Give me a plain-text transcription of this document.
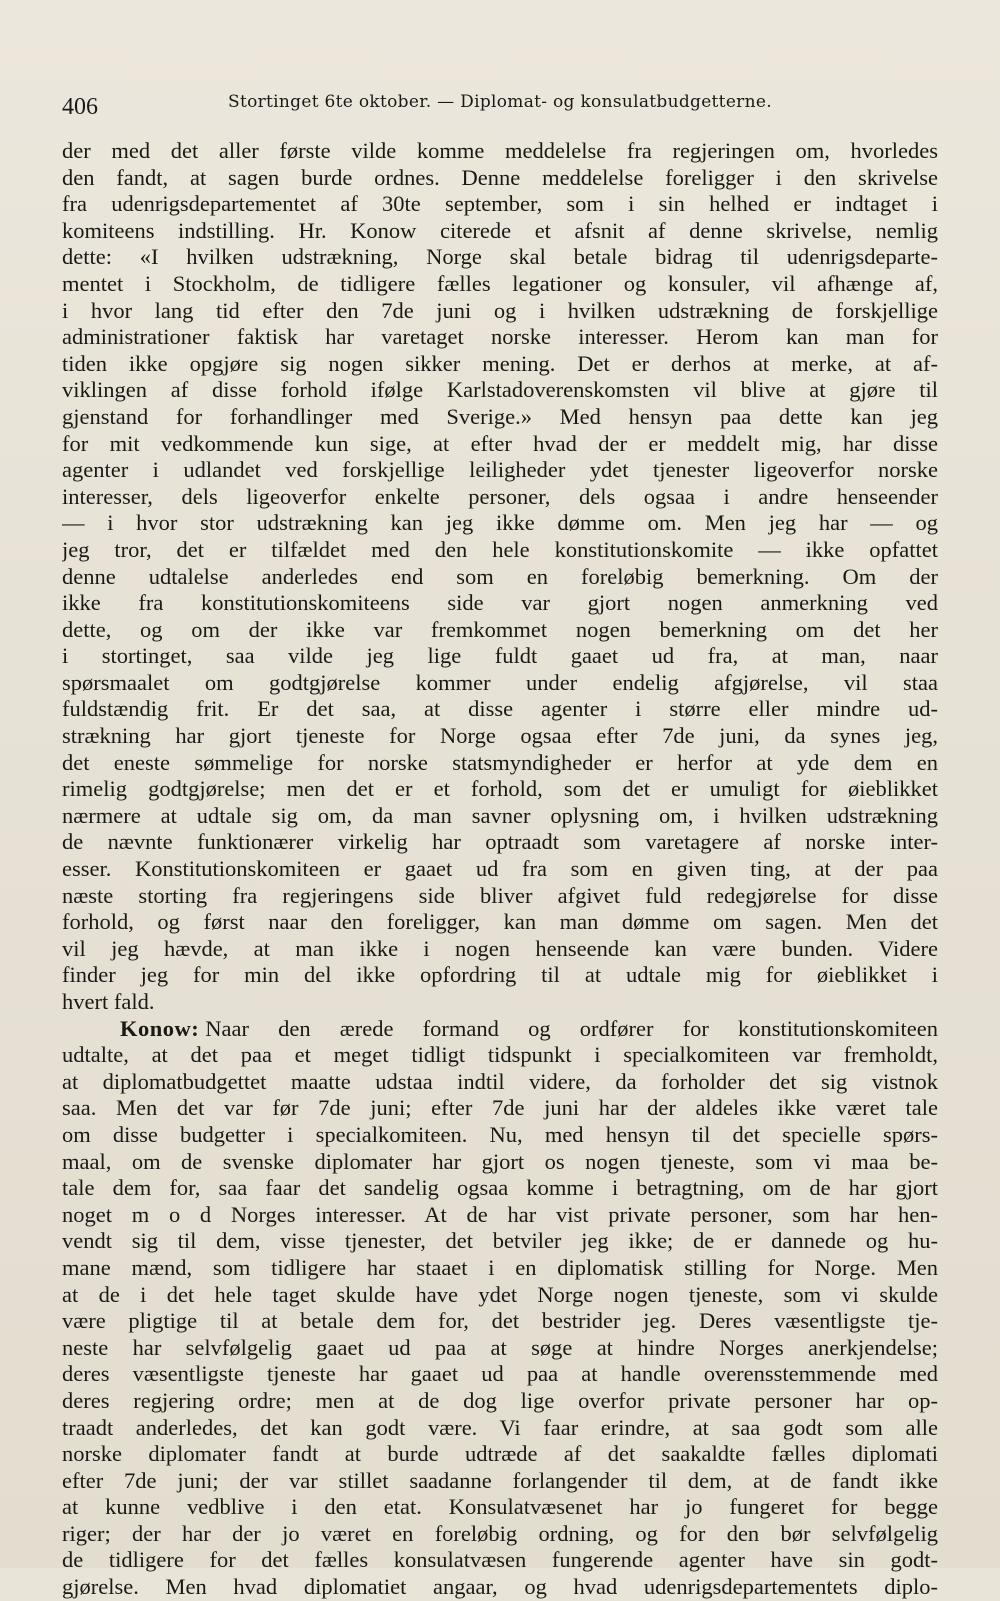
406	Stortinget 6te oktober. — Diplomat- og konsulatbudgetterne.
der med det aller første vilde komme meddelelse fra regjeringen om, hvorledes
den fandt, at sagen burde ordnes. Denne meddelelse foreligger i den skrivelse
fra udenrigsdepartementet af 30te september, som i sin helhed er indtaget i
komiteens indstilling. Hr. Konow citerede et afsnit af denne skrivelse, nemlig
dette: «I hvilken udstrækning, Norge skal betale bidrag til udenrigsdeparte-
mentet i Stockholm, de tidligere fælles legationer og konsuler, vil afhænge af,
i hvor lang tid efter den 7de juni og i hvilken udstrækning de forskjellige
administrationer faktisk har varetaget norske interesser. Herom kan man for
tiden ikke opgjøre sig nogen sikker mening. Det er derhos at merke, at af-
viklingen af disse forhold ifølge Karlstadoverenskomsten vil blive at gjøre til
gjenstand for forhandlinger med Sverige.» Med hensyn paa dette kan jeg
for mit vedkommende kun sige, at efter hvad der er meddelt mig, har disse
agenter i udlandet ved forskjellige leiligheder ydet tjenester ligeoverfor norske
interesser, dels ligeoverfor enkelte personer, dels ogsaa i andre henseender
— i hvor stor udstrækning kan jeg ikke dømme om. Men jeg har — og
jeg tror, det er tilfældet med den hele konstitutionskomite — ikke opfattet
denne udtalelse anderledes end som en foreløbig bemerkning. Om der
ikke fra konstitutionskomiteens side var gjort nogen anmerkning ved
dette, og om der ikke var fremkommet nogen bemerkning om det her
i stortinget, saa vilde jeg lige fuldt gaaet ud fra, at man, naar
spørsmaalet om godtgjørelse kommer under endelig afgjørelse, vil staa
fuldstændig frit. Er det saa, at disse agenter i større eller mindre ud-
strækning har gjort tjeneste for Norge ogsaa efter 7de juni, da synes jeg,
det eneste sømmelige for norske statsmyndigheder er herfor at yde dem en
rimelig godtgjørelse; men det er et forhold, som det er umuligt for øieblikket
nærmere at udtale sig om, da man savner oplysning om, i hvilken udstrækning
de nævnte funktionærer virkelig har optraadt som varetagere af norske inter-
esser. Konstitutionskomiteen er gaaet ud fra som en given ting, at der paa
næste storting fra regjeringens side bliver afgivet fuld redegjørelse for disse
forhold, og først naar den foreligger, kan man dømme om sagen. Men det
vil jeg hævde, at man ikke i nogen henseende kan være bunden. Videre
finder jeg for min del ikke opfordring til at udtale mig for øieblikket i
hvert fald.
Konow: Naar den ærede formand og ordfører for konstitutionskomiteen
udtalte, at det paa et meget tidligt tidspunkt i specialkomiteen var fremholdt,
at diplomatbudgettet maatte udstaa indtil videre, da forholder det sig vistnok
saa. Men det var før 7de juni; efter 7de juni har der aldeles ikke været tale
om disse budgetter i specialkomiteen. Nu, med hensyn til det specielle spørs-
maal, om de svenske diplomater har gjort os nogen tjeneste, som vi maa be-
tale dem for, saa faar det sandelig ogsaa komme i betragtning, om de har gjort
noget m o d Norges interesser. At de har vist private personer, som har hen-
vendt sig til dem, visse tjenester, det betviler jeg ikke; de er dannede og hu-
mane mænd, som tidligere har staaet i en diplomatisk stilling for Norge. Men
at de i det hele taget skulde have ydet Norge nogen tjeneste, som vi skulde
være pligtige til at betale dem for, det bestrider jeg. Deres væsentligste tje-
neste har selvfølgelig gaaet ud paa at søge at hindre Norges anerkjendelse;
deres væsentligste tjeneste har gaaet ud paa at handle overensstemmende med
deres regjering ordre; men at de dog lige overfor private personer har op-
traadt anderledes, det kan godt være. Vi faar erindre, at saa godt som alle
norske diplomater fandt at burde udtræde af det saakaldte fælles diplomati
efter 7de juni; der var stillet saadanne forlangender til dem, at de fandt ikke
at kunne vedblive i den etat. Konsulatvæsenet har jo fungeret for begge
riger; der har der jo været en foreløbig ordning, og for den bør selvfølgelig
de tidligere for det fælles konsulatvæsen fungerende agenter have sin godt-
gjørelse. Men hvad diplomatiet angaar, og hvad udenrigsdepartementets diplo-
